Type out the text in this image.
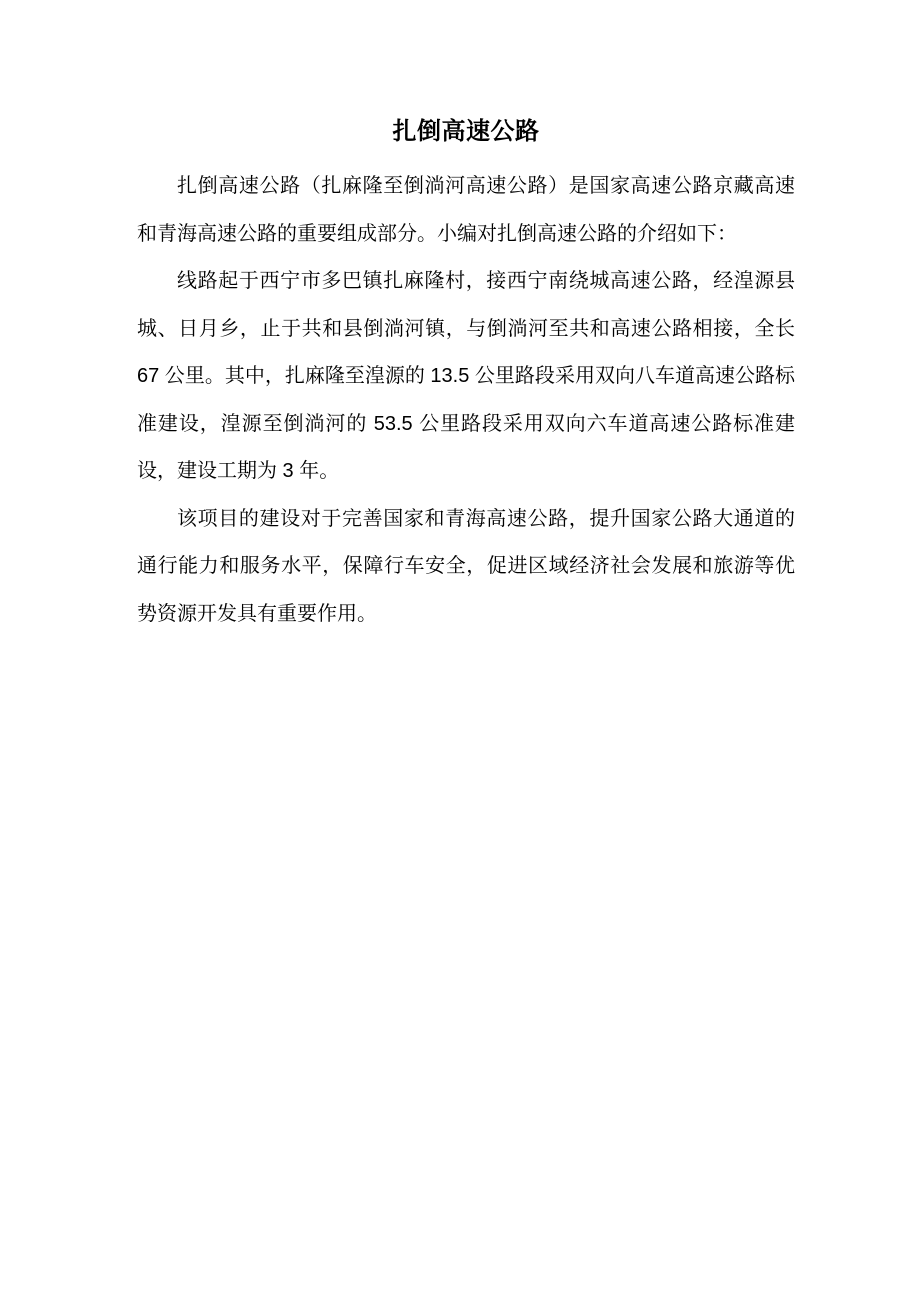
扎倒高速公路

扎倒高速公路（扎麻隆至倒淌河高速公路）是国家高速公路京藏高速和青海高速公路的重要组成部分。小编对扎倒高速公路的介绍如下：

线路起于西宁市多巴镇扎麻隆村，接西宁南绕城高速公路，经湟源县城、日月乡，止于共和县倒淌河镇，与倒淌河至共和高速公路相接，全长 67 公里。其中，扎麻隆至湟源的 13.5 公里路段采用双向八车道高速公路标准建设，湟源至倒淌河的 53.5 公里路段采用双向六车道高速公路标准建设，建设工期为 3 年。

该项目的建设对于完善国家和青海高速公路，提升国家公路大通道的通行能力和服务水平，保障行车安全，促进区域经济社会发展和旅游等优势资源开发具有重要作用。
